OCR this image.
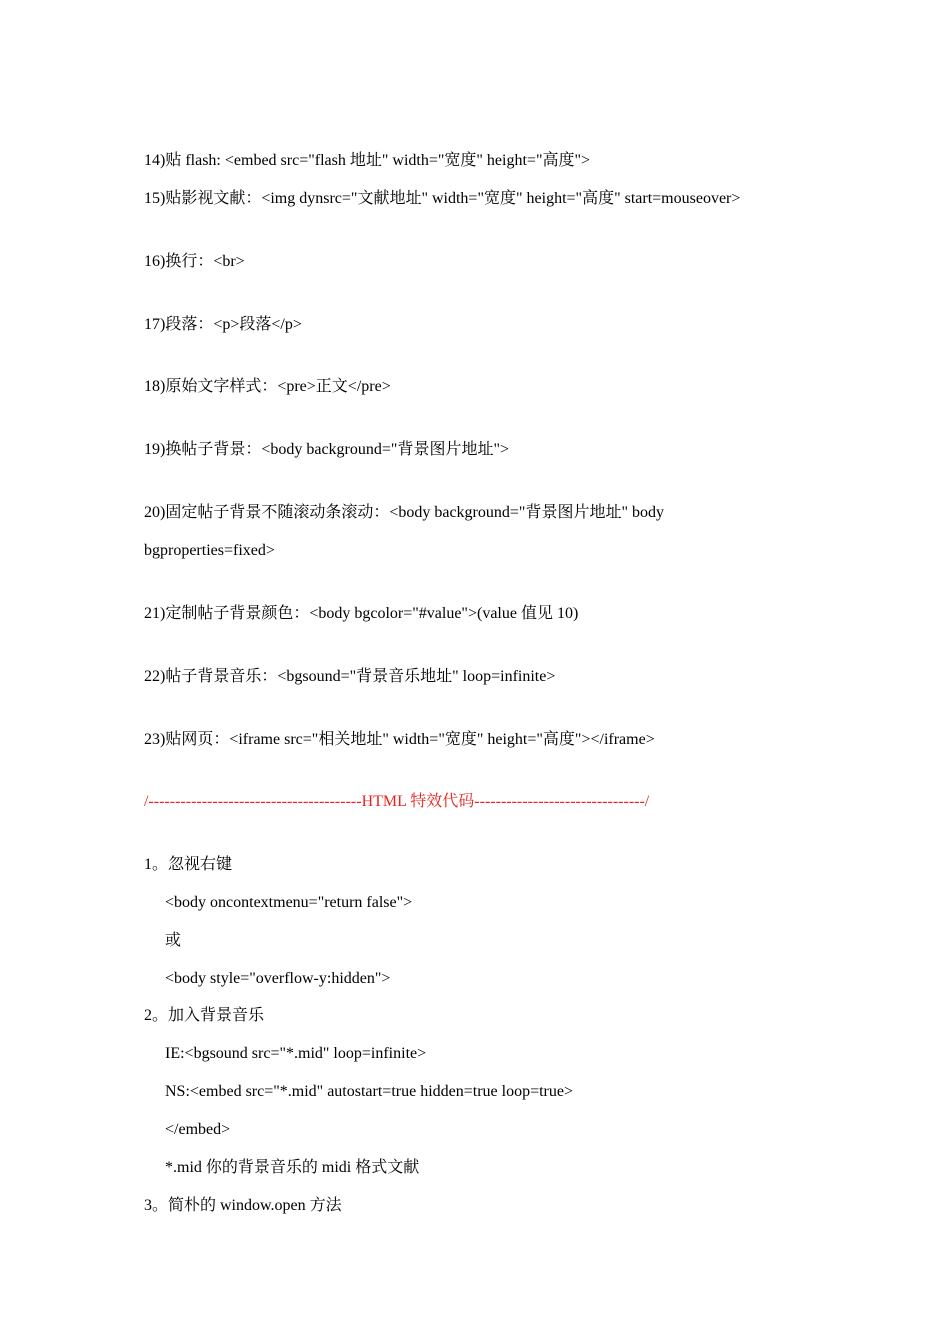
14)贴 flash: <embed src="flash 地址" width="宽度" height="高度">
15)贴影视文献：<img dynsrc="文献地址" width="宽度" height="高度" start=mouseover>
16)换行：<br>
17)段落：<p>段落</p>
18)原始文字样式：<pre>正文</pre>
19)换帖子背景：<body background="背景图片地址">
20)固定帖子背景不随滚动条滚动：<body background="背景图片地址" body
bgproperties=fixed>
21)定制帖子背景颜色：<body bgcolor="#value">(value 值见 10)
22)帖子背景音乐：<bgsound="背景音乐地址" loop=infinite>
23)贴网页：<iframe src="相关地址" width="宽度" height="高度"></iframe>
/----------------------------------------HTML 特效代码--------------------------------/
1。忽视右键
<body oncontextmenu="return false">
或
<body style="overflow-y:hidden">
2。加入背景音乐
IE:<bgsound src="*.mid" loop=infinite>
NS:<embed src="*.mid" autostart=true hidden=true loop=true>
</embed>
*.mid 你的背景音乐的 midi 格式文献
3。简朴的 window.open 方法
